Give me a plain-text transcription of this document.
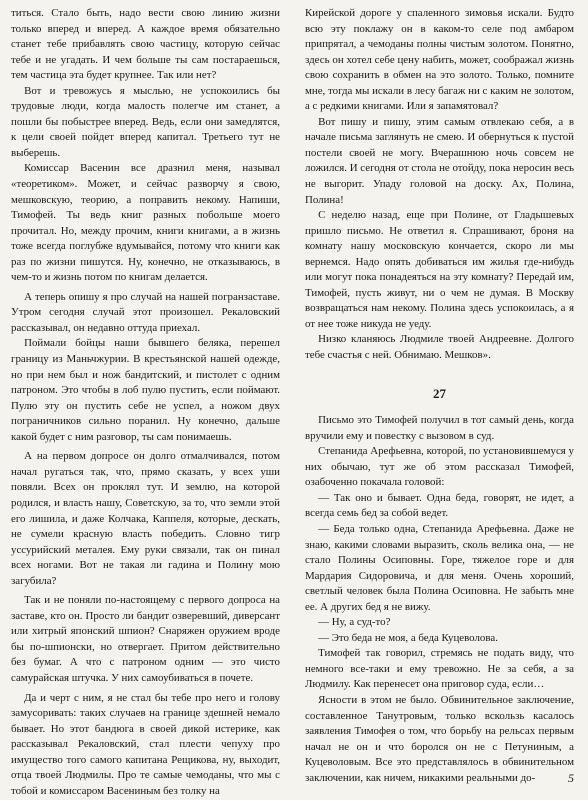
титься. Стало быть, надо вести свою линию жизни только вперед и вперед. А каждое время обязательно станет тебе прибавлять свою частицу, которую сейчас тебе и не угадать. И чем больше ты сам постараешься, тем частица эта будет крупнее. Так или нет?

Вот и тревожусь я мыслью, не успокоились бы трудовые люди, когда малость полегче им станет, а пошли бы побыстрее вперед. Ведь, если они замедлятся, к цели своей пойдет вперед капитал. Третьего тут не выберешь.

Комиссар Васенин все дразнил меня, называл «теоретиком». Может, и сейчас разворчу я свою, мешковскую, теорию, а поправить некому. Напиши, Тимофей. Ты ведь книг разных побольше моего прочитал. Но, между прочим, книги книгами, а в жизнь тоже всегда поглубже вдумывайся, потому что книги как раз по жизни пишутся. Ну, конечно, не отказываюсь, в чем-то и жизнь потом по книгам делается.

А теперь опишу я про случай на нашей погранзаставе. Утром сегодня случай этот произошел. Рекаловский рассказывал, он недавно оттуда приехал.

Поймали бойцы наши бывшего беляка, перешел границу из Маньчжурии. В крестьянской нашей одежде, но при нем был и нож бандитский, и пистолет с одним патроном. Это чтобы в лоб пулю пустить, если поймают. Пулю эту он пустить себе не успел, а ножом двух пограничников сильно поранил. Ну конечно, дальше какой будет с ним разговор, ты сам понимаешь.

А на первом допросе он долго отмалчивался, потом начал ругаться так, что, прямо сказать, у всех уши повяли. Всех он проклял тут. И землю, на которой родился, и власть нашу, Советскую, за то, что земли этой его лишила, и даже Колчака, Каппеля, которые, дескать, не сумели красную власть победить. Словно тигр уссурийский металея. Ему руки связали, так он пинал всех ногами. Вот не такая ли гадина и Полину мою загубила?

Так и не поняли по-настоящему с первого допроса на заставе, кто он. Просто ли бандит озверевший, диверсант или хитрый японский шпион? Снаряжен оружием вроде бы по-шпионски, но отвергает. Притом действительно без бумаг. А что с патроном одним — это чисто самурайская штучка. У них самоубиваться в почете.

Да и черт с ним, я не стал бы тебе про него и голову замусоривать: таких случаев на границе здешней немало бывает. Но этот бандюга в своей дикой истерике, как рассказывал Рекаловский, стал плести чепуху про имущество того самого капитана Рещикова, ну, выходит, отца твоей Людмилы. Про те самые чемоданы, что мы с тобой и комиссаром Васениным без толку на

Кирейской дороге у спаленного зимовья искали. Будто всю эту поклажу он в каком-то селе под амбаром припрятал, а чемоданы полны чистым золотом. Понятно, здесь он хотел себе цену набить, может, соображал жизнь свою сохранить в обмен на это золото. Только, помните мне, тогда мы искали в лесу багаж ни с каким не золотом, а с редкими книгами. Или я запамятовал?

Вот пишу и пишу, этим самым отвлекаю себя, а в начале письма заглянуть не смею. И обернуться к пустой постели своей не могу. Вчерашнюю ночь совсем не ложился. И сегодня от стола не отойду, пока неросин весь не выгорит. Упаду головой на доску. Ах, Полина, Полина!

С неделю назад, еще при Полине, от Гладышевых пришло письмо. Не ответил я. Спрашивают, броня на комнату нашу московскую кончается, скоро ли мы вернемся. Надо опять добиваться им жилья где-нибудь или могут пока понадеяться на эту комнату? Передай им, Тимофей, пусть живут, ни о чем не думая. В Москву возвращаться нам некому. Полина здесь успокоилась, а я от нее тоже никуда не уеду.

Низко кланяюсь Людмиле твоей Андреевне. Долгого тебе счастья с ней. Обнимаю. Мешков».

27

Письмо это Тимофей получил в тот самый день, когда вручили ему и повестку с вызовом в суд.

Степанида Арефьевна, которой, по установившемуся у них обычаю, тут же об этом рассказал Тимофей, озабоченно покачала головой:

— Так оно и бывает. Одна беда, говорят, не идет, а всегда семь бед за собой ведет.

— Беда только одна, Степанида Арефьевна. Даже не знаю, какими словами выразить, сколь велика она, — не стало Полины Осиповны. Горе, тяжелое горе и для Мардария Сидоровича, и для меня. Очень хороший, светлый человек была Полина Осиповна. Не забыть мне ее. А другиx бед я не вижу.

— Ну, а суд-то?

— Это беда не моя, а беда Куцеволова.

Тимофей так говорил, стремясь не подать виду, что немного все-таки и ему тревожно. Не за себя, а за Людмилу. Как перенесет она приговор суда, если…

Ясности в этом не было. Обвинительное заключение, составленное Танутровым, только вскользь касалось заявления Тимофея о том, что борьбу на рельсах первым начал не он и что боролся он не с Петуниным, а Куцеволовым. Все это представлялось в обвинительном заключении, как ничем, никакими реальными до-	5
